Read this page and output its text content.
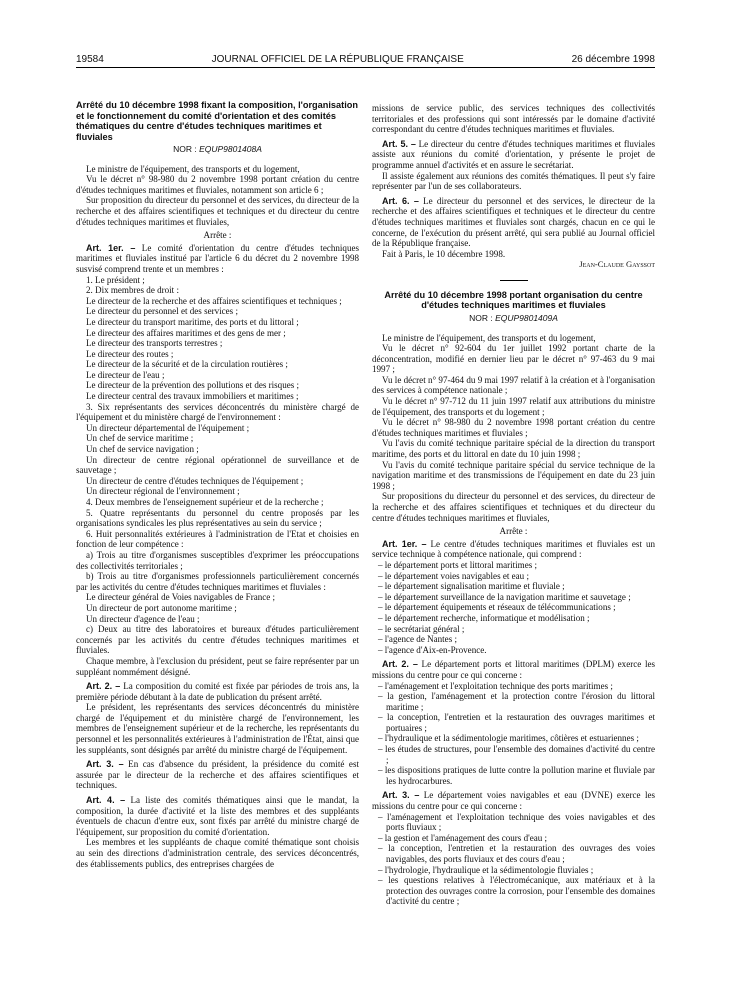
19584	JOURNAL OFFICIEL DE LA RÉPUBLIQUE FRANÇAISE	26 décembre 1998

Arrêté du 10 décembre 1998 fixant la composition, l'organisation et le fonctionnement du comité d'orientation et des comités thématiques du centre d'études techniques maritimes et fluviales

NOR : EQUP9801408A

Le ministre de l'équipement, des transports et du logement,

Vu le décret n° 98-980 du 2 novembre 1998 portant création du centre d'études techniques maritimes et fluviales, notamment son article 6 ;

Sur proposition du directeur du personnel et des services, du directeur de la recherche et des affaires scientifiques et techniques et du directeur du centre d'études techniques maritimes et fluviales,

Arrête :

Art. 1er. – Le comité d'orientation du centre d'études techniques maritimes et fluviales institué par l'article 6 du décret du 2 novembre 1998 susvisé comprend trente et un membres :

1. Le président ;

2. Dix membres de droit :

Le directeur de la recherche et des affaires scientifiques et techniques ;

Le directeur du personnel et des services ;

Le directeur du transport maritime, des ports et du littoral ;

Le directeur des affaires maritimes et des gens de mer ;

Le directeur des transports terrestres ;

Le directeur des routes ;

Le directeur de la sécurité et de la circulation routières ;

Le directeur de l'eau ;

Le directeur de la prévention des pollutions et des risques ;

Le directeur central des travaux immobiliers et maritimes ;

3. Six représentants des services déconcentrés du ministère chargé de l'équipement et du ministère chargé de l'environnement :

Un directeur départemental de l'équipement ;

Un chef de service maritime ;

Un chef de service navigation ;

Un directeur de centre régional opérationnel de surveillance et de sauvetage ;

Un directeur de centre d'études techniques de l'équipement ;

Un directeur régional de l'environnement ;

4. Deux membres de l'enseignement supérieur et de la recherche ;

5. Quatre représentants du personnel du centre proposés par les organisations syndicales les plus représentatives au sein du service ;

6. Huit personnalités extérieures à l'administration de l'Etat et choisies en fonction de leur compétence :

a) Trois au titre d'organismes susceptibles d'exprimer les préoccupations des collectivités territoriales ;

b) Trois au titre d'organismes professionnels particulièrement concernés par les activités du centre d'études techniques maritimes et fluviales :

Le directeur général de Voies navigables de France ;

Un directeur de port autonome maritime ;

Un directeur d'agence de l'eau ;

c) Deux au titre des laboratoires et bureaux d'études particulièrement concernés par les activités du centre d'études techniques maritimes et fluviales.

Chaque membre, à l'exclusion du président, peut se faire représenter par un suppléant nommément désigné.

Art. 2. – La composition du comité est fixée par périodes de trois ans, la première période débutant à la date de publication du présent arrêté.

Le président, les représentants des services déconcentrés du ministère chargé de l'équipement et du ministère chargé de l'environnement, les membres de l'enseignement supérieur et de la recherche, les représentants du personnel et les personnalités extérieures à l'administration de l'État, ainsi que les suppléants, sont désignés par arrêté du ministre chargé de l'équipement.

Art. 3. – En cas d'absence du président, la présidence du comité est assurée par le directeur de la recherche et des affaires scientifiques et techniques.

Art. 4. – La liste des comités thématiques ainsi que le mandat, la composition, la durée d'activité et la liste des membres et des suppléants éventuels de chacun d'entre eux, sont fixés par arrêté du ministre chargé de l'équipement, sur proposition du comité d'orientation.

Les membres et les suppléants de chaque comité thématique sont choisis au sein des directions d'administration centrale, des services déconcentrés, des établissements publics, des entreprises chargées de

missions de service public, des services techniques des collectivités territoriales et des professions qui sont intéressés par le domaine d'activité correspondant du centre d'études techniques maritimes et fluviales.

Art. 5. – Le directeur du centre d'études techniques maritimes et fluviales assiste aux réunions du comité d'orientation, y présente le projet de programme annuel d'activités et en assure le secrétariat.

Il assiste également aux réunions des comités thématiques. Il peut s'y faire représenter par l'un de ses collaborateurs.

Art. 6. – Le directeur du personnel et des services, le directeur de la recherche et des affaires scientifiques et techniques et le directeur du centre d'études techniques maritimes et fluviales sont chargés, chacun en ce qui le concerne, de l'exécution du présent arrêté, qui sera publié au Journal officiel de la République française.

Fait à Paris, le 10 décembre 1998.

Jean-Claude Gayssot

Arrêté du 10 décembre 1998 portant organisation du centre d'études techniques maritimes et fluviales

NOR : EQUP9801409A

Le ministre de l'équipement, des transports et du logement,

Vu le décret n° 92-604 du 1er juillet 1992 portant charte de la déconcentration, modifié en dernier lieu par le décret n° 97-463 du 9 mai 1997 ;

Vu le décret n° 97-464 du 9 mai 1997 relatif à la création et à l'organisation des services à compétence nationale ;

Vu le décret n° 97-712 du 11 juin 1997 relatif aux attributions du ministre de l'équipement, des transports et du logement ;

Vu le décret n° 98-980 du 2 novembre 1998 portant création du centre d'études techniques maritimes et fluviales ;

Vu l'avis du comité technique paritaire spécial de la direction du transport maritime, des ports et du littoral en date du 10 juin 1998 ;

Vu l'avis du comité technique paritaire spécial du service technique de la navigation maritime et des transmissions de l'équipement en date du 23 juin 1998 ;

Sur propositions du directeur du personnel et des services, du directeur de la recherche et des affaires scientifiques et techniques et du directeur du centre d'études techniques maritimes et fluviales,

Arrête :

Art. 1er. – Le centre d'études techniques maritimes et fluviales est un service technique à compétence nationale, qui comprend :

– le département ports et littoral maritimes ;

– le département voies navigables et eau ;

– le département signalisation maritime et fluviale ;

– le département surveillance de la navigation maritime et sauvetage ;

– le département équipements et réseaux de télécommunications ;

– le département recherche, informatique et modélisation ;

– le secrétariat général ;

– l'agence de Nantes ;

– l'agence d'Aix-en-Provence.

Art. 2. – Le département ports et littoral maritimes (DPLM) exerce les missions du centre pour ce qui concerne :

– l'aménagement et l'exploitation technique des ports maritimes ;

– la gestion, l'aménagement et la protection contre l'érosion du littoral maritime ;

– la conception, l'entretien et la restauration des ouvrages maritimes et portuaires ;

– l'hydraulique et la sédimentologie maritimes, côtières et estuariennes ;

– les études de structures, pour l'ensemble des domaines d'activité du centre ;

– les dispositions pratiques de lutte contre la pollution marine et fluviale par les hydrocarbures.

Art. 3. – Le département voies navigables et eau (DVNE) exerce les missions du centre pour ce qui concerne :

– l'aménagement et l'exploitation technique des voies navigables et des ports fluviaux ;

– la gestion et l'aménagement des cours d'eau ;

– la conception, l'entretien et la restauration des ouvrages des voies navigables, des ports fluviaux et des cours d'eau ;

– l'hydrologie, l'hydraulique et la sédimentologie fluviales ;

– les questions relatives à l'électromécanique, aux matériaux et à la protection des ouvrages contre la corrosion, pour l'ensemble des domaines d'activité du centre ;
